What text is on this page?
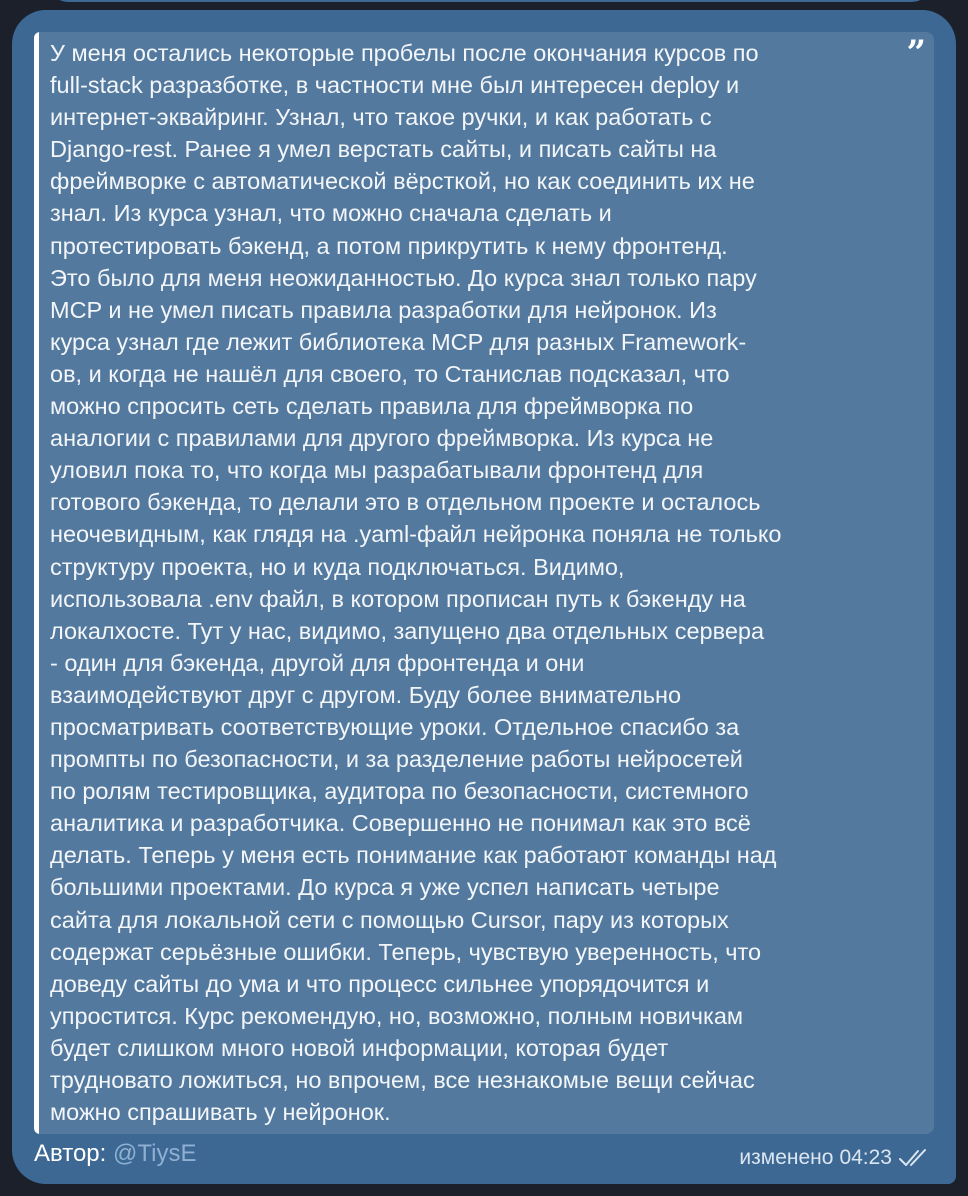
”
У меня остались некоторые пробелы после окончания курсов по
full-stack разразботке, в частности мне был интересен deploy и
интернет-эквайринг. Узнал, что такое ручки, и как работать с
Django-rest. Ранее я умел верстать сайты, и писать сайты на
фреймворке с автоматической вёрсткой, но как соединить их не
знал. Из курса узнал, что можно сначала сделать и
протестировать бэкенд, а потом прикрутить к нему фронтенд.
Это было для меня неожиданностью. До курса знал только пару
MCP и не умел писать правила разработки для нейронок. Из
курса узнал где лежит библиотека MCP для разных Framework-
ов, и когда не нашёл для своего, то Станислав подсказал, что
можно спросить сеть сделать правила для фреймворка по
аналогии с правилами для другого фреймворка. Из курса не
уловил пока то, что когда мы разрабатывали фронтенд для
готового бэкенда, то делали это в отдельном проекте и осталось
неочевидным, как глядя на .yaml-файл нейронка поняла не только
структуру проекта, но и куда подключаться. Видимо,
использовала .env файл, в котором прописан путь к бэкенду на
локалхосте. Тут у нас, видимо, запущено два отдельных сервера
- один для бэкенда, другой для фронтенда и они
взаимодействуют друг с другом. Буду более внимательно
просматривать соответствующие уроки. Отдельное спасибо за
промпты по безопасности, и за разделение работы нейросетей
по ролям тестировщика, аудитора по безопасности, системного
аналитика и разработчика. Совершенно не понимал как это всё
делать. Теперь у меня есть понимание как работают команды над
большими проектами. До курса я уже успел написать четыре
сайта для локальной сети с помощью Cursor, пару из которых
содержат серьёзные ошибки. Теперь, чувствую уверенность, что
доведу сайты до ума и что процесс сильнее упорядочится и
упростится. Курс рекомендую, но, возможно, полным новичкам
будет слишком много новой информации, которая будет
трудновато ложиться, но впрочем, все незнакомые вещи сейчас
можно спрашивать у нейронок.
Автор: @TiysE	изменено 04:23
